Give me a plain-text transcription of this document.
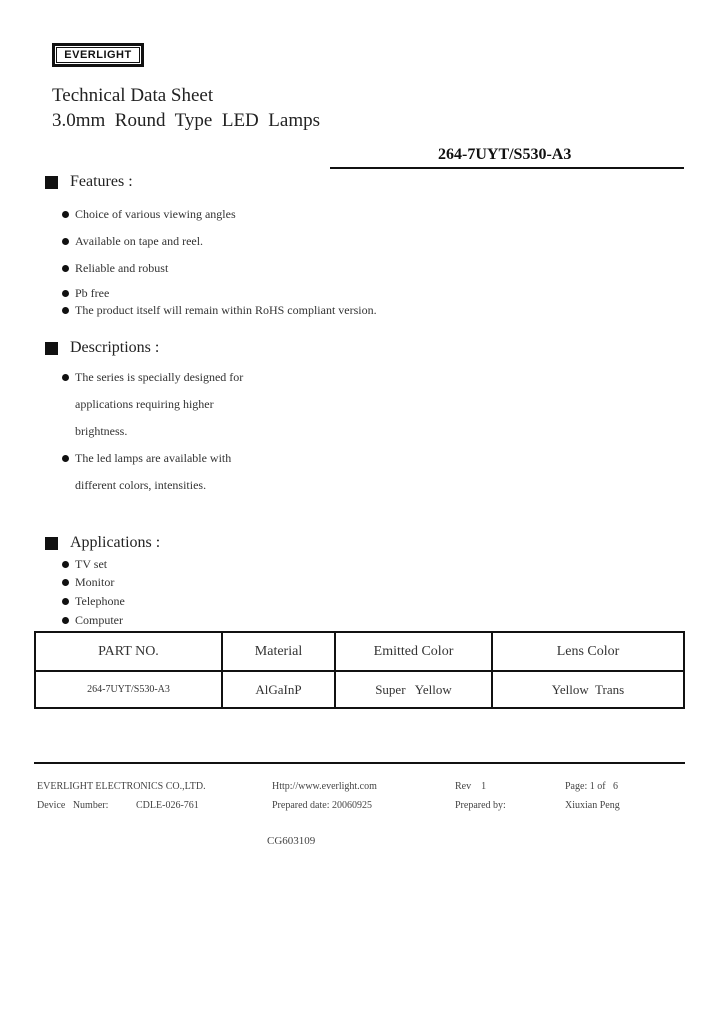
EVERLIGHT
Technical Data Sheet
3.0mm  Round  Type  LED  Lamps
264-7UYT/S530-A3
Features :
Choice of various viewing angles
Available on tape and reel.
Reliable and robust
Pb free
The product itself will remain within RoHS compliant version.
Descriptions :
The series is specially designed for
applications requiring higher
brightness.
The led lamps are available with
different colors, intensities.
Applications :
TV set
Monitor
Telephone
Computer
PART NO.	Material	Emitted Color	Lens Color
264-7UYT/S530-A3	AlGaInP	Super   Yellow	Yellow  Trans
EVERLIGHT ELECTRONICS CO.,LTD.	Http://www.everlight.com	Rev    1	Page: 1 of   6
Device   Number:	CDLE-026-761	Prepared date: 20060925	Prepared by:	Xiuxian Peng
CG603109
